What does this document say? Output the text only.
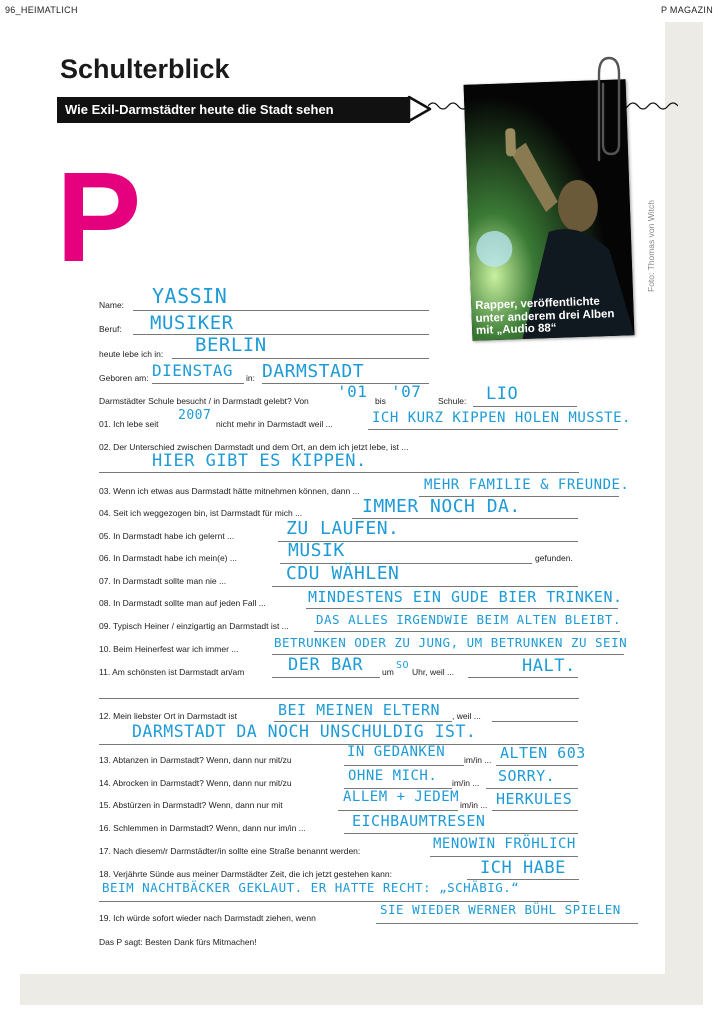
96_HEIMATLICH	P MAGAZIN
Schulterblick
Wie Exil-Darmstädter heute die Stadt sehen
P
Rapper, veröffentlichte
unter anderem drei Alben
mit „Audio 88“
Foto: Thomas von Witch
Name: YASSIN
Beruf: MUSIKER
heute lebe ich in: BERLIN
Geboren am: DIENSTAG in: DARMSTADT
Darmstädter Schule besucht / in Darmstadt gelebt? Von '01 bis '07 Schule: LIO
01. Ich lebe seit
2007
nicht mehr in Darmstadt weil ...	ICH KURZ KIPPEN HOLEN MUSSTE.
02. Der Unterschied zwischen Darmstadt und dem Ort, an dem ich jetzt lebe, ist ...
HIER GIBT ES KIPPEN.
03. Wenn ich etwas aus Darmstadt hätte mitnehmen können, dann ...	MEHR FAMILIE & FREUNDE.
04. Seit ich weggezogen bin, ist Darmstadt für mich ...	IMMER NOCH DA.
05. In Darmstadt habe ich gelernt ...	ZU LAUFEN.
06. In Darmstadt habe ich mein(e) ...	MUSIK	gefunden.
07. In Darmstadt sollte man nie ...	CDU WÄHLEN
08. In Darmstadt sollte man auf jeden Fall ...	MINDESTENS EIN GUDE BIER TRINKEN.
09. Typisch Heiner / einzigartig an Darmstadt ist ... DAS ALLES IRGENDWIE BEIM ALTEN BLEIBT.
10. Beim Heinerfest war ich immer ...	BETRUNKEN ODER ZU JUNG, UM BETRUNKEN ZU SEIN
11. Am schönsten ist Darmstadt an/am	DER BAR um
SO
Uhr, weil ...	HALT.
12. Mein liebster Ort in Darmstadt ist	BEI MEINEN ELTERN , weil ...
DARMSTADT DA NOCH UNSCHULDIG IST.
13. Abtanzen in Darmstadt? Wenn, dann nur mit/zu	IN GEDANKEN im/in ... ALTEN 603
14. Abrocken in Darmstadt? Wenn, dann nur mit/zu	OHNE MICH. im/in ... SORRY.
15. Abstürzen in Darmstadt? Wenn, dann nur mit	ALLEM + JEDEM im/in ... HERKULES
16. Schlemmen in Darmstadt? Wenn, dann nur im/in ...	EICHBAUMTRESEN
17. Nach diesem/r Darmstädter/in sollte eine Straße benannt werden:	MENOWIN FRÖHLICH
18. Verjährte Sünde aus meiner Darmstädter Zeit, die ich jetzt gestehen kann:	ICH HABE
BEIM NACHTBÄCKER GEKLAUT. ER HATTE RECHT: „SCHÄBIG.“
19. Ich würde sofort wieder nach Darmstadt ziehen, wenn
SIE WIEDER WERNER BÜHL SPIELEN
Das P sagt: Besten Dank fürs Mitmachen!
